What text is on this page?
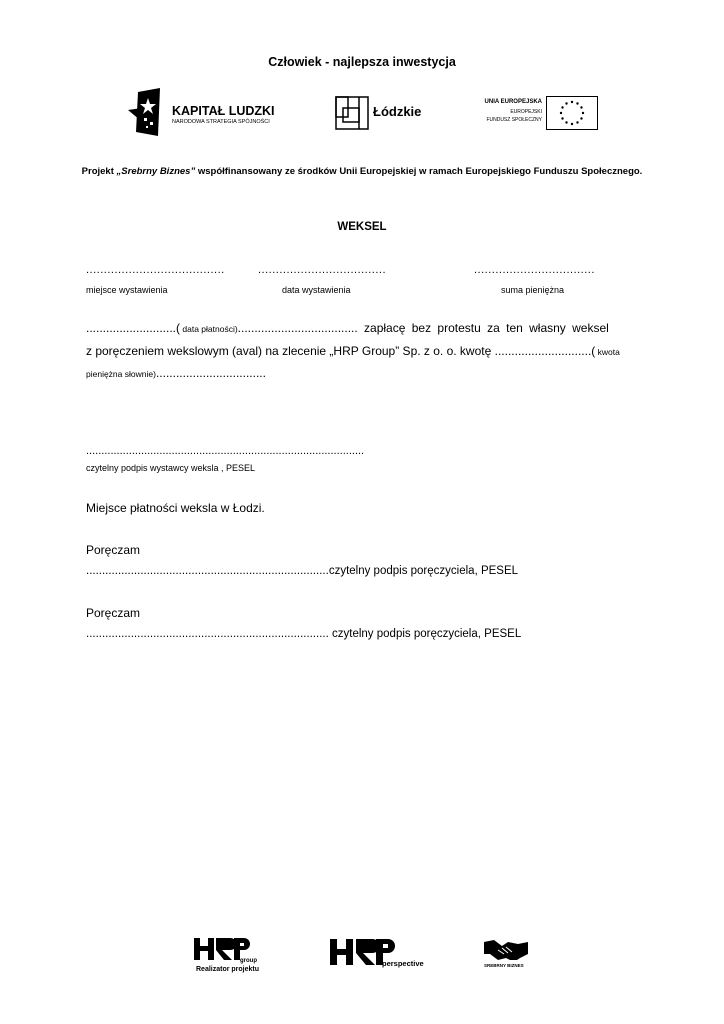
Człowiek - najlepsza inwestycja
KAPITAŁ LUDZKI
NARODOWA STRATEGIA SPÓJNOŚCI
Łódzkie
UNIA EUROPEJSKA
EUROPEJSKI
FUNDUSZ SPOŁECZNY
Projekt „Srebrny Biznes” współfinansowany ze środków Unii Europejskiej w ramach Europejskiego Funduszu Społecznego.
WEKSEL
.......................................	....................................	..................................
miejsce wystawienia	data wystawienia	suma pieniężna
...........................( data płatności).................................... zapłacę bez protestu za ten własny weksel
z poręczeniem wekslowym (aval) na zlecenie „HRP Group” Sp. z o. o. kwotę .............................( kwota
pieniężna słownie).................................
...........................................................................................
czytelny podpis wystawcy weksla , PESEL
Miejsce płatności weksla w Łodzi.
Poręczam
............................................................................czytelny podpis poręczyciela, PESEL
Poręczam
............................................................................ czytelny podpis poręczyciela, PESEL
group
Realizator projektu
perspective	SREBRNY BIZNES
